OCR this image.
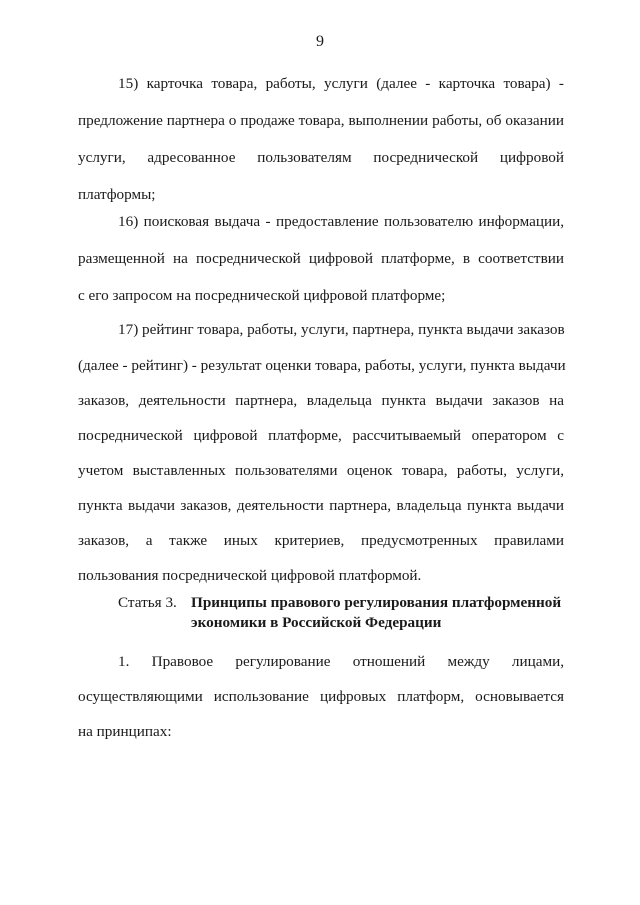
9
15) карточка товара, работы, услуги (далее - карточка товара) -
предложение партнера о продаже товара, выполнении работы, об оказании
услуги, адресованное пользователям посреднической цифровой
платформы;
16) поисковая выдача - предоставление пользователю информации,
размещенной на посреднической цифровой платформе, в соответствии
с его запросом на посреднической цифровой платформе;
17) рейтинг товара, работы, услуги, партнера, пункта выдачи заказов
(далее - рейтинг) - результат оценки товара, работы, услуги, пункта выдачи
заказов, деятельности партнера, владельца пункта выдачи заказов на
посреднической цифровой платформе, рассчитываемый оператором с
учетом выставленных пользователями оценок товара, работы, услуги,
пункта выдачи заказов, деятельности партнера, владельца пункта выдачи
заказов, а также иных критериев, предусмотренных правилами
пользования посреднической цифровой платформой.
Статья 3. Принципы правового регулирования платформенной
экономики в Российской Федерации
1. Правовое регулирование отношений между лицами,
осуществляющими использование цифровых платформ, основывается
на принципах:
